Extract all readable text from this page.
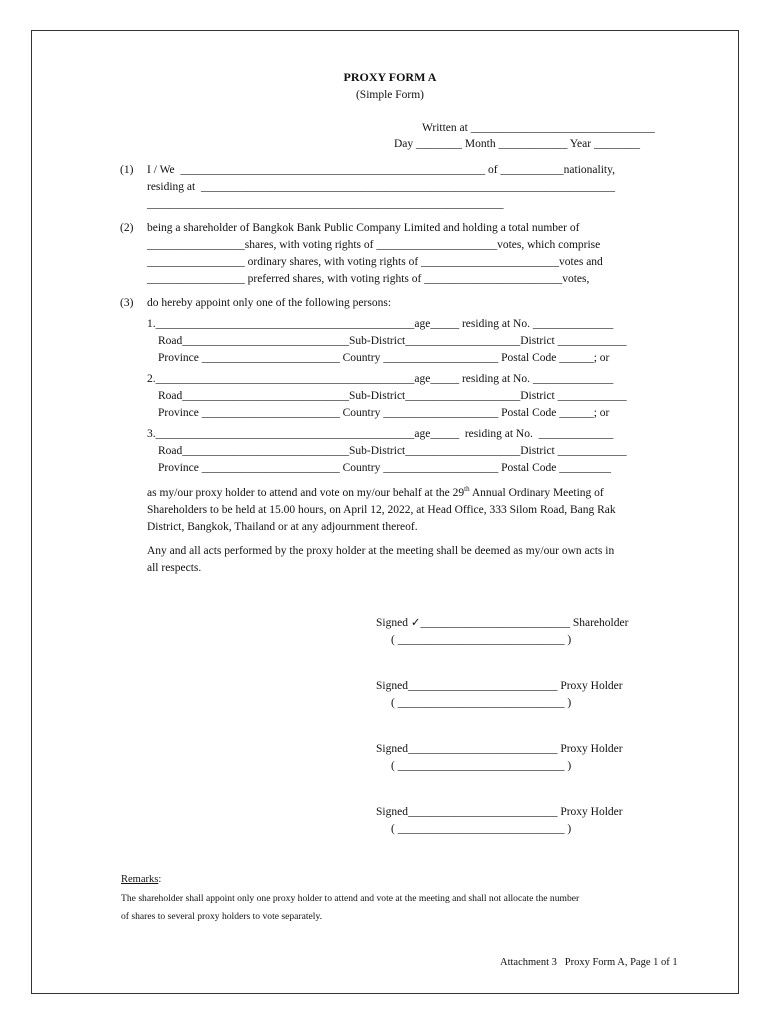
PROXY FORM A
(Simple Form)
Written at ________________________________
Day ________ Month ____________ Year ________
(1) I / We  _____________________________________________________ of ___________nationality,
residing at  ________________________________________________________________________
______________________________________________________________
(2) being a shareholder of Bangkok Bank Public Company Limited and holding a total number of
_________________shares, with voting rights of _____________________votes, which comprise
_________________ ordinary shares, with voting rights of ________________________votes and
_________________ preferred shares, with voting rights of ________________________votes,
(3) do hereby appoint only one of the following persons:
1._____________________________________________age_____ residing at No. ______________
Road_____________________________Sub-District____________________District ____________
Province ________________________ Country ____________________ Postal Code ______; or
2._____________________________________________age_____ residing at No. ______________
Road_____________________________Sub-District____________________District ____________
Province ________________________ Country ____________________ Postal Code ______; or
3._____________________________________________age_____  residing at No.  _____________
Road_____________________________Sub-District____________________District ____________
Province ________________________ Country ____________________ Postal Code _________
as my/our proxy holder to attend and vote on my/our behalf at the 29th Annual Ordinary Meeting of
Shareholders to be held at 15.00 hours, on April 12, 2022, at Head Office, 333 Silom Road, Bang Rak
District, Bangkok, Thailand or at any adjournment thereof.
Any and all acts performed by the proxy holder at the meeting shall be deemed as my/our own acts in
all respects.
Signed ✓__________________________ Shareholder
( _____________________________ )
Signed__________________________ Proxy Holder
( _____________________________ )
Signed__________________________ Proxy Holder
( _____________________________ )
Signed__________________________ Proxy Holder
( _____________________________ )
Remarks:
The shareholder shall appoint only one proxy holder to attend and vote at the meeting and shall not allocate the number
of shares to several proxy holders to vote separately.
Attachment 3   Proxy Form A, Page 1 of 1
